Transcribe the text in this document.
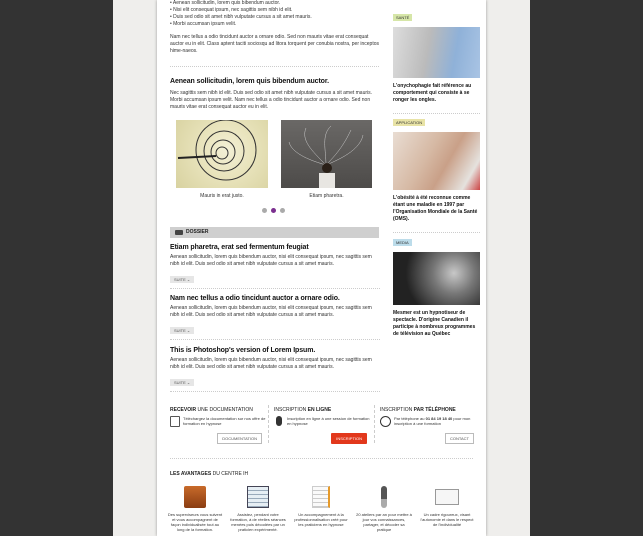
• Aenean sollicitudin, lorem quis bibendum auctor.
• Nisi elit consequat ipsum, nec sagittis sem nibh id elit.
• Duis sed odio sit amet nibh vulputate cursus a sit amet mauris.
• Morbi accumsan ipsum velit.

Nam nec tellus a odio tincidunt auctor a ornare odio. Sed non mauris vitae erat consequat auctor eu in elit. Class aptent taciti sociosqu ad litora torquent per conubia nostra, per inceptos hime-naeos.

Aenean sollicitudin, lorem quis bibendum auctor.

Nec sagittis sem nibh id elit. Duis sed odio sit amet nibh vulputate cursus a sit amet mauris. Morbi accumsan ipsum velit. Nam nec tellus a odio tincidunt auctor a ornare odio. Sed non mauris vitae erat consequat auctor eu in elit.

Mauris in erat justo.	Etiam pharetra.
DOSSIER
Etiam pharetra, erat sed fermentum feugiat

Aenean sollicitudin, lorem quis bibendum auctor, nisi elit consequat ipsum, nec sagittis sem nibh id elit. Duis sed odio sit amet nibh vulputate cursus a sit amet mauris.

SUITE ⌄
Nam nec tellus a odio tincidunt auctor a ornare odio.

Aenean sollicitudin, lorem quis bibendum auctor, nisi elit consequat ipsum, nec sagittis sem nibh id elit. Duis sed odio sit amet nibh vulputate cursus a sit amet mauris.

SUITE ⌄
This is Photoshop's version of Lorem Ipsum.

Aenean sollicitudin, lorem quis bibendum auctor, nisi elit consequat ipsum, nec sagittis sem nibh id elit. Duis sed odio sit amet nibh vulputate cursus a sit amet mauris.

SUITE ⌄
SANTÉ

L'onychophagie fait référence au comportement qui consiste à se ronger les ongles.

APPLICATION

L'obésité à été reconnue comme étant une maladie en 1997 par l'Organisation Mondiale de la Santé (OMS).

MEDIA

Mesmer est un hypnotiseur de spectacle. D'origine Canadien il participe à nombreux programmes de télévision au Québec

RECEVOIR UNE DOCUMENTATION
Téléchargez la documentation sur nos offre de formation en hypnose
DOCUMENTATION
INSCRIPTION EN LIGNE
Inscription en ligne à une session de formation en hypnose
INSCRIPTION
INSCRIPTION PAR TÉLÉPHONE
Par téléphone au 01 84 19 18 40 pour mon inscription à une formation
CONTACT
LES AVANTAGES DU CENTRE IH
Des superviseurs vous suivent et vous accompagnent de façon individualisée tout au long de la formation.
Assistez, pendant votre formation, à de réelles séances menées puis décodées par un praticien expérimenté.
Un accompagnement à la professionnalisation créé pour les praticiens en hypnose
20 ateliers par an pour mettre à jour vos connaissances, partager, et décoder sa pratique
Un cadre rigoureux, visant l'autonomie et dans le respect de l'individualité
